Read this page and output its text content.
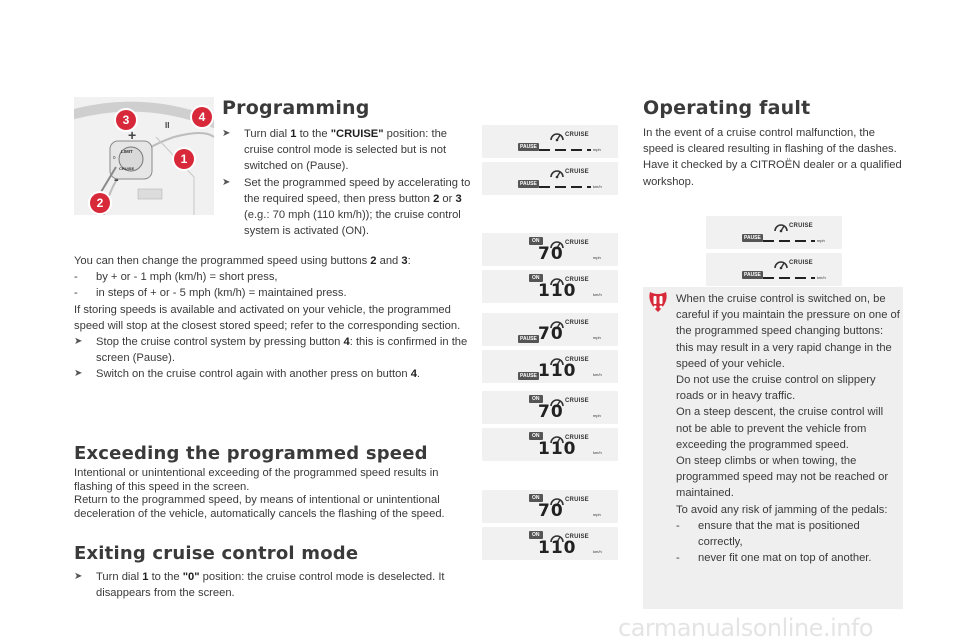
+
-
II
LIMIT
0
CRUISE
3	4
1
2
Programming

➤ Turn dial 1 to the "CRUISE" position: the cruise control mode is selected but is not switched on (Pause).

➤ Set the programmed speed by accelerating to the required speed, then press button 2 or 3 (e.g.: 70 mph (110 km/h)); the cruise control system is activated (ON).

You can then change the programmed speed using buttons 2 and 3:

- by + or - 1 mph (km/h) = short press,

- in steps of + or - 5 mph (km/h) = maintained press.

If storing speeds is available and activated on your vehicle, the programmed speed will stop at the closest stored speed; refer to the corresponding section.

➤ Stop the cruise control system by pressing button 4: this is confirmed in the screen (Pause).

➤ Switch on the cruise control again with another press on button 4.

Exceeding the programmed speed

Intentional or unintentional exceeding of the programmed speed results in flashing of this speed in the screen.

Return to the programmed speed, by means of intentional or unintentional deceleration of the vehicle, automatically cancels the flashing of the speed.

Exiting cruise control mode

➤ Turn dial 1 to the "0" position: the cruise control mode is deselected. It disappears from the screen.

Operating fault

In the event of a cruise control malfunction, the speed is cleared resulting in flashing of the dashes.

Have it checked by a CITROËN dealer or a qualified workshop.

When the cruise control is switched on, be careful if you maintain the pressure on one of the programmed speed changing buttons: this may result in a very rapid change in the speed of your vehicle.

Do not use the cruise control on slippery roads or in heavy traffic.

On a steep descent, the cruise control will not be able to prevent the vehicle from exceeding the programmed speed.

On steep climbs or when towing, the programmed speed may not be reached or maintained.

To avoid any risk of jamming of the pedals:

- ensure that the mat is positioned correctly,

- never fit one mat on top of another.

CRUISE
PAUSE	mph
CRUISE
PAUSE	km/h
CRUISE
ON
70	mph
CRUISE
ON
110	km/h
CRUISE
PAUSE 70	mph
CRUISE
PAUSE 110	km/h
CRUISE
ON
70	mph
CRUISE
ON
110	km/h
CRUISE
ON
70	mph
CRUISE
ON
110	km/h
CRUISE
PAUSE	mph
CRUISE
PAUSE	km/h
carmanualsonline.info
